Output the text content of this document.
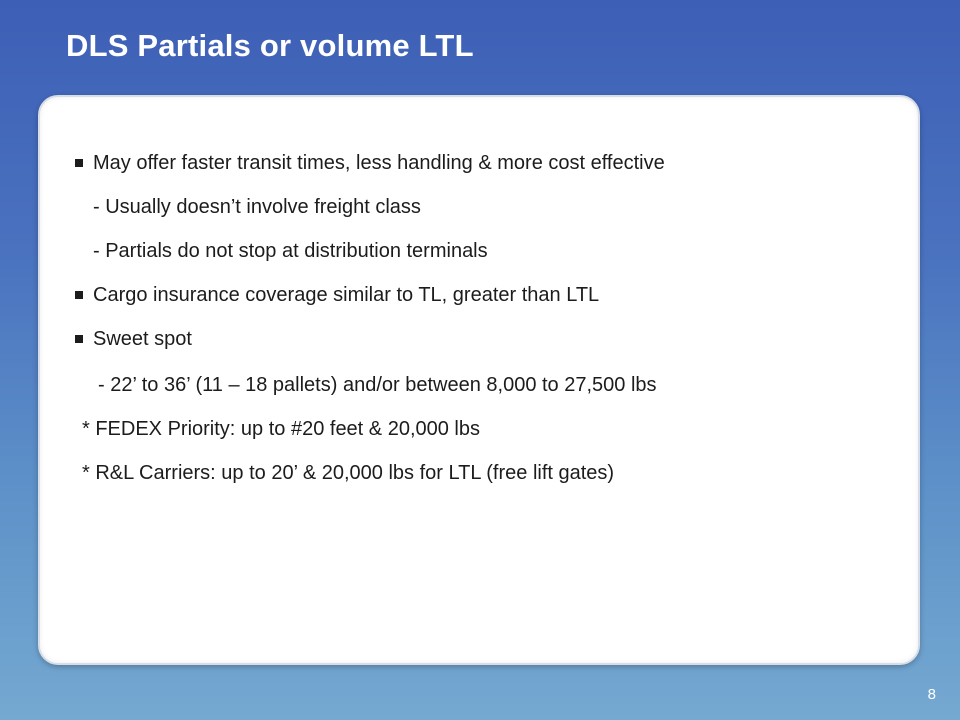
DLS Partials or volume LTL
May offer faster transit times, less handling & more cost effective
- Usually doesn’t involve freight class
- Partials do not stop at distribution terminals
Cargo insurance coverage similar to TL, greater than LTL
Sweet spot
- 22’ to 36’ (11 – 18 pallets) and/or between 8,000 to 27,500 lbs
* FEDEX Priority: up to #20 feet & 20,000 lbs
* R&L Carriers: up to 20’ & 20,000 lbs for LTL (free lift gates)
8
